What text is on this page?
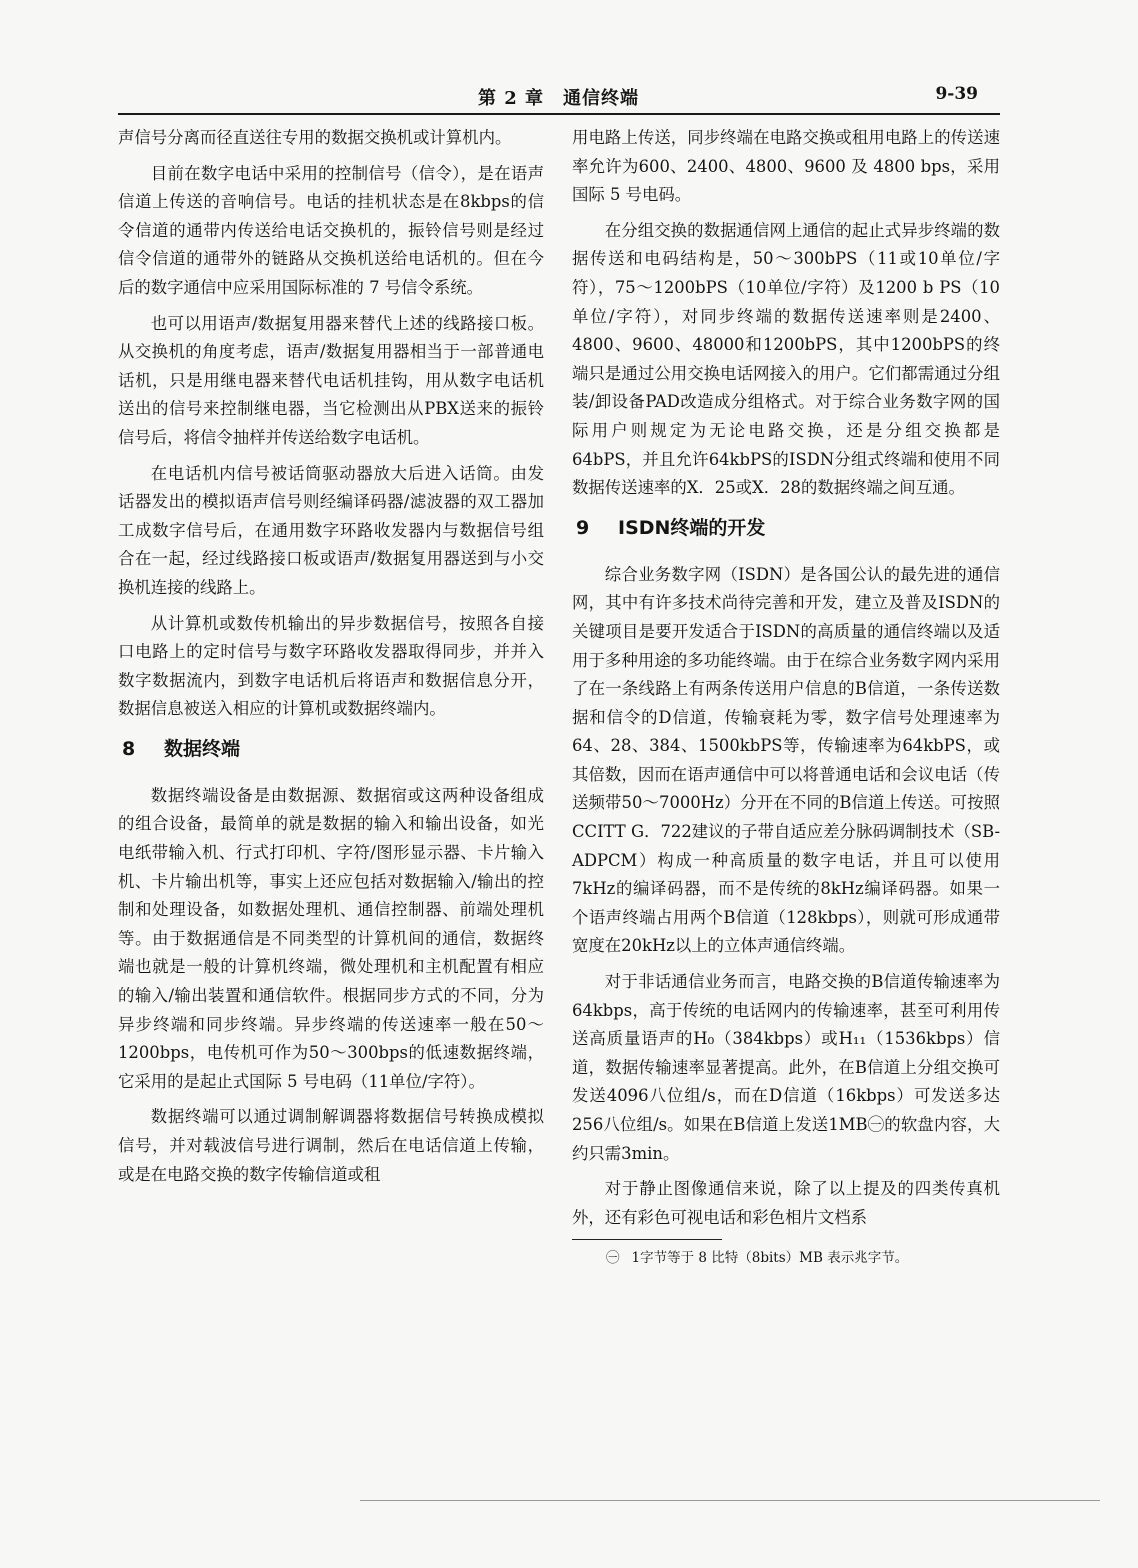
第 2 章　通信终端	9-39

声信号分离而径直送往专用的数据交换机或计算机内。

目前在数字电话中采用的控制信号（信令），是在语声信道上传送的音响信号。电话的挂机状态是在8kbps的信令信道的通带内传送给电话交换机的，振铃信号则是经过信令信道的通带外的链路从交换机送给电话机的。但在今后的数字通信中应采用国际标准的 7 号信令系统。

也可以用语声/数据复用器来替代上述的线路接口板。从交换机的角度考虑，语声/数据复用器相当于一部普通电话机，只是用继电器来替代电话机挂钩，用从数字电话机送出的信号来控制继电器，当它检测出从PBX送来的振铃信号后，将信令抽样并传送给数字电话机。

在电话机内信号被话筒驱动器放大后进入话筒。由发话器发出的模拟语声信号则经编译码器/滤波器的双工器加工成数字信号后，在通用数字环路收发器内与数据信号组合在一起，经过线路接口板或语声/数据复用器送到与小交换机连接的线路上。

从计算机或数传机输出的异步数据信号，按照各自接口电路上的定时信号与数字环路收发器取得同步，并并入数字数据流内，到数字电话机后将语声和数据信息分开，数据信息被送入相应的计算机或数据终端内。

8 数据终端

数据终端设备是由数据源、数据宿或这两种设备组成的组合设备，最简单的就是数据的输入和输出设备，如光电纸带输入机、行式打印机、字符/图形显示器、卡片输入机、卡片输出机等，事实上还应包括对数据输入/输出的控制和处理设备，如数据处理机、通信控制器、前端处理机等。由于数据通信是不同类型的计算机间的通信，数据终端也就是一般的计算机终端，微处理机和主机配置有相应的输入/输出装置和通信软件。根据同步方式的不同，分为异步终端和同步终端。异步终端的传送速率一般在50～1200bps，电传机可作为50～300bps的低速数据终端，它采用的是起止式国际 5 号电码（11单位/字符）。

数据终端可以通过调制解调器将数据信号转换成模拟信号，并对载波信号进行调制，然后在电话信道上传输，或是在电路交换的数字传输信道或租

用电路上传送，同步终端在电路交换或租用电路上的传送速率允许为600、2400、4800、9600 及 4800 bps，采用国际 5 号电码。

在分组交换的数据通信网上通信的起止式异步终端的数据传送和电码结构是，50～300bPS（11或10单位/字符），75～1200bPS（10单位/字符）及1200 b PS（10单位/字符），对同步终端的数据传送速率则是2400、4800、9600、48000和1200bPS，其中1200bPS的终端只是通过公用交换电话网接入的用户。它们都需通过分组装/卸设备PAD改造成分组格式。对于综合业务数字网的国际用户则规定为无论电路交换，还是分组交换都是64bPS，并且允许64kbPS的ISDN分组式终端和使用不同数据传送速率的X．25或X．28的数据终端之间互通。

9 ISDN终端的开发

综合业务数字网（ISDN）是各国公认的最先进的通信网，其中有许多技术尚待完善和开发，建立及普及ISDN的关键项目是要开发适合于ISDN的高质量的通信终端以及适用于多种用途的多功能终端。由于在综合业务数字网内采用了在一条线路上有两条传送用户信息的B信道，一条传送数据和信令的D信道，传输衰耗为零，数字信号处理速率为64、28、384、1500kbPS等，传输速率为64kbPS，或其倍数，因而在语声通信中可以将普通电话和会议电话（传送频带50～7000Hz）分开在不同的B信道上传送。可按照CCITT G．722建议的子带自适应差分脉码调制技术（SB-ADPCM）构成一种高质量的数字电话，并且可以使用7kHz的编译码器，而不是传统的8kHz编译码器。如果一个语声终端占用两个B信道（128kbps），则就可形成通带宽度在20kHz以上的立体声通信终端。

对于非话通信业务而言，电路交换的B信道传输速率为64kbps，高于传统的电话网内的传输速率，甚至可利用传送高质量语声的H₀（384kbps）或H₁₁（1536kbps）信道，数据传输速率显著提高。此外，在B信道上分组交换可发送4096八位组/s，而在D信道（16kbps）可发送多达256八位组/s。如果在B信道上发送1MB㊀的软盘内容，大约只需3min。

对于静止图像通信来说，除了以上提及的四类传真机外，还有彩色可视电话和彩色相片文档系

㊀ 1字节等于 8 比特（8bits）MB 表示兆字节。
